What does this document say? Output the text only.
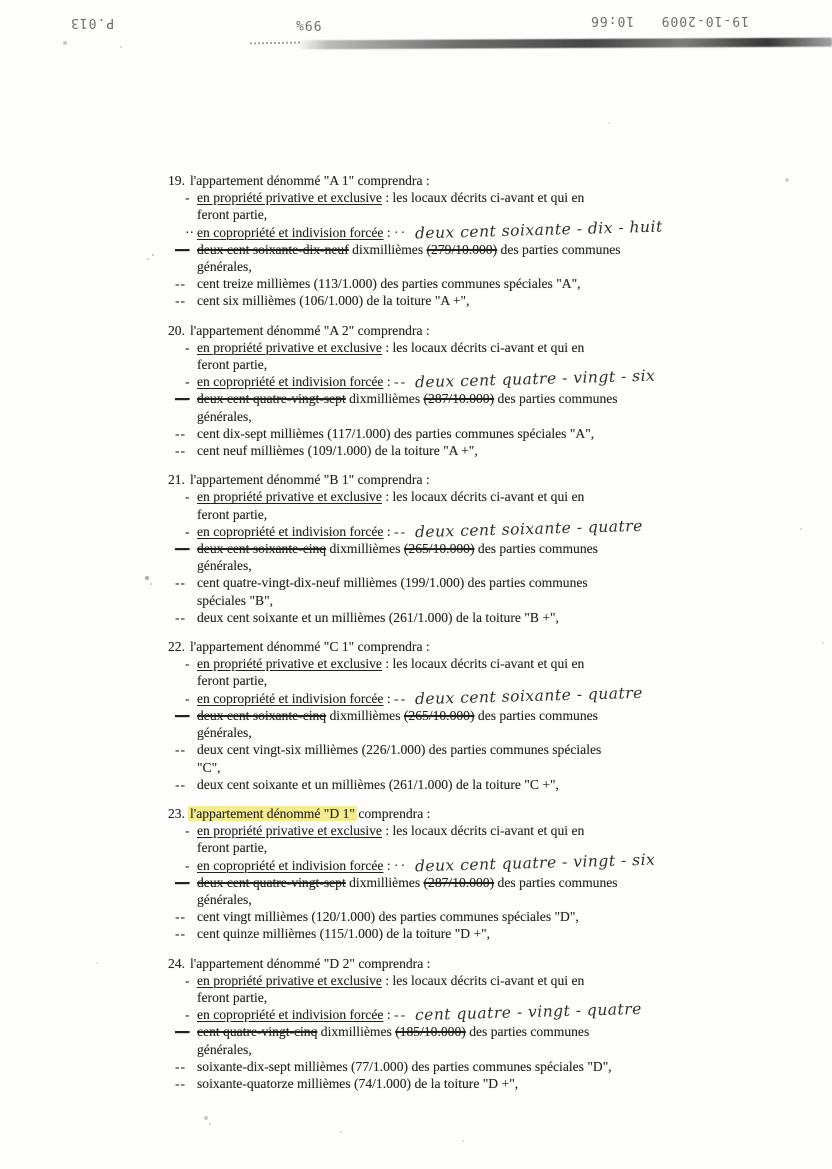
P.013	99%	19-10-2009   10:66
19. l'appartement dénommé "A 1" comprendra :
- en propriété privative et exclusive : les locaux décrits ci-avant et qui en
feront partie,
·· en copropriété et indivision forcée : ·· deux cent soixante - dix - huit
— deux cent soixante-dix-neuf dixmillièmes (279/10.000) des parties communes
générales,
-- cent treize millièmes (113/1.000) des parties communes spéciales "A",
-- cent six millièmes (106/1.000) de la toiture "A +",
20. l'appartement dénommé "A 2" comprendra :
- en propriété privative et exclusive : les locaux décrits ci-avant et qui en
feront partie,
- en copropriété et indivision forcée : -- deux cent quatre - vingt - six
— deux cent quatre-vingt-sept dixmillièmes (287/10.000) des parties communes
générales,
-- cent dix-sept millièmes (117/1.000) des parties communes spéciales "A",
-- cent neuf millièmes (109/1.000) de la toiture "A +",
21. l'appartement dénommé "B 1" comprendra :
- en propriété privative et exclusive : les locaux décrits ci-avant et qui en
feront partie,
- en copropriété et indivision forcée : -- deux cent soixante - quatre
— deux cent soixante-cinq dixmillièmes (265/10.000) des parties communes
générales,
-- cent quatre-vingt-dix-neuf millièmes (199/1.000) des parties communes
spéciales "B",
-- deux cent soixante et un millièmes (261/1.000) de la toiture "B +",
22. l'appartement dénommé "C 1" comprendra :
- en propriété privative et exclusive : les locaux décrits ci-avant et qui en
feront partie,
- en copropriété et indivision forcée : -- deux cent soixante - quatre
— deux cent soixante-cinq dixmillièmes (265/10.000) des parties communes
générales,
-- deux cent vingt-six millièmes (226/1.000) des parties communes spéciales
"C",
-- deux cent soixante et un millièmes (261/1.000) de la toiture "C +",
23. l'appartement dénommé "D 1" comprendra :
- en propriété privative et exclusive : les locaux décrits ci-avant et qui en
feront partie,
- en copropriété et indivision forcée : ·· deux cent quatre - vingt - six
— deux cent quatre-vingt-sept dixmillièmes (287/10.000) des parties communes
générales,
-- cent vingt millièmes (120/1.000) des parties communes spéciales "D",
-- cent quinze millièmes (115/1.000) de la toiture "D +",
24. l'appartement dénommé "D 2" comprendra :
- en propriété privative et exclusive : les locaux décrits ci-avant et qui en
feront partie,
- en copropriété et indivision forcée : -- cent quatre - vingt - quatre
— cent quatre-vingt-cinq dixmillièmes (185/10.000) des parties communes
générales,
-- soixante-dix-sept millièmes (77/1.000) des parties communes spéciales "D",
-- soixante-quatorze millièmes (74/1.000) de la toiture "D +",
